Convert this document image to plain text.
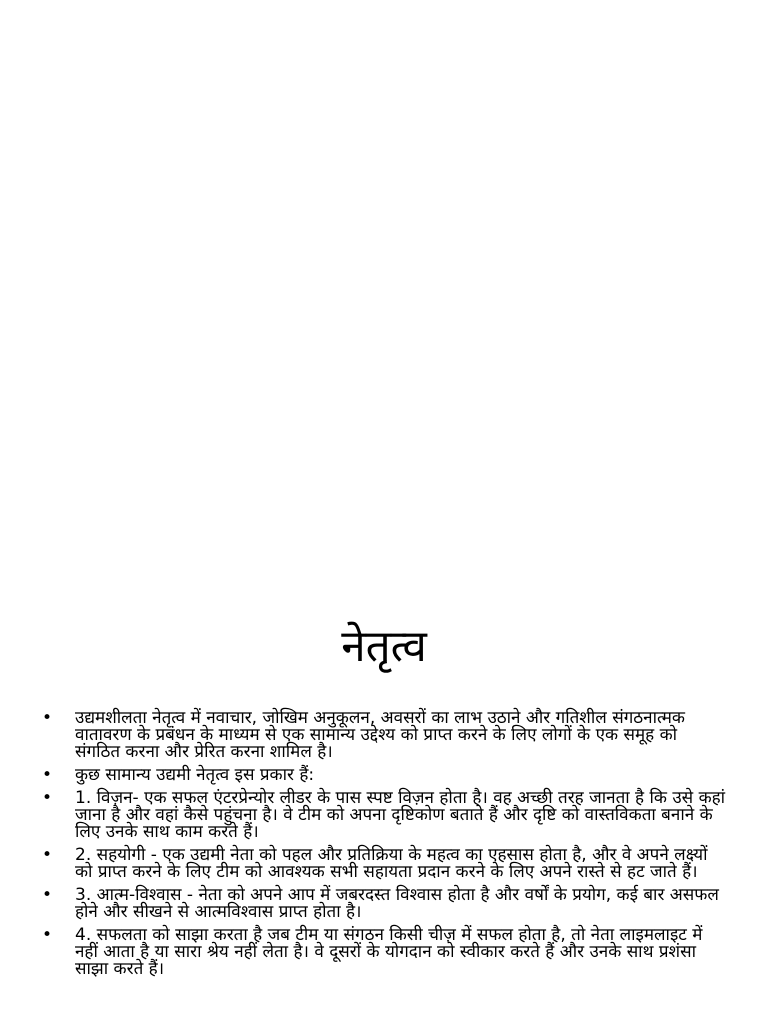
नेतृत्व
• उद्यमशीलता नेतृत्व में नवाचार, जोखिम अनुकूलन, अवसरों का लाभ उठाने और गतिशील संगठनात्मक वातावरण के प्रबंधन के माध्यम से एक सामान्य उद्देश्य को प्राप्त करने के लिए लोगों के एक समूह को संगठित करना और प्रेरित करना शामिल है।
• कुछ सामान्य उद्यमी नेतृत्व इस प्रकार हैं:
• 1. विज़न- एक सफल एंटरप्रेन्योर लीडर के पास स्पष्ट विज़न होता है। वह अच्छी तरह जानता है कि उसे कहां जाना है और वहां कैसे पहुंचना है। वे टीम को अपना दृष्टिकोण बताते हैं और दृष्टि को वास्तविकता बनाने के लिए उनके साथ काम करते हैं।
• 2. सहयोगी - एक उद्यमी नेता को पहल और प्रतिक्रिया के महत्व का एहसास होता है, और वे अपने लक्ष्यों को प्राप्त करने के लिए टीम को आवश्यक सभी सहायता प्रदान करने के लिए अपने रास्ते से हट जाते हैं।
• 3. आत्म-विश्वास - नेता को अपने आप में जबरदस्त विश्वास होता है और वर्षों के प्रयोग, कई बार असफल होने और सीखने से आत्मविश्वास प्राप्त होता है।
• 4. सफलता को साझा करता है जब टीम या संगठन किसी चीज़ में सफल होता है, तो नेता लाइमलाइट में नहीं आता है या सारा श्रेय नहीं लेता है। वे दूसरों के योगदान को स्वीकार करते हैं और उनके साथ प्रशंसा साझा करते हैं।
